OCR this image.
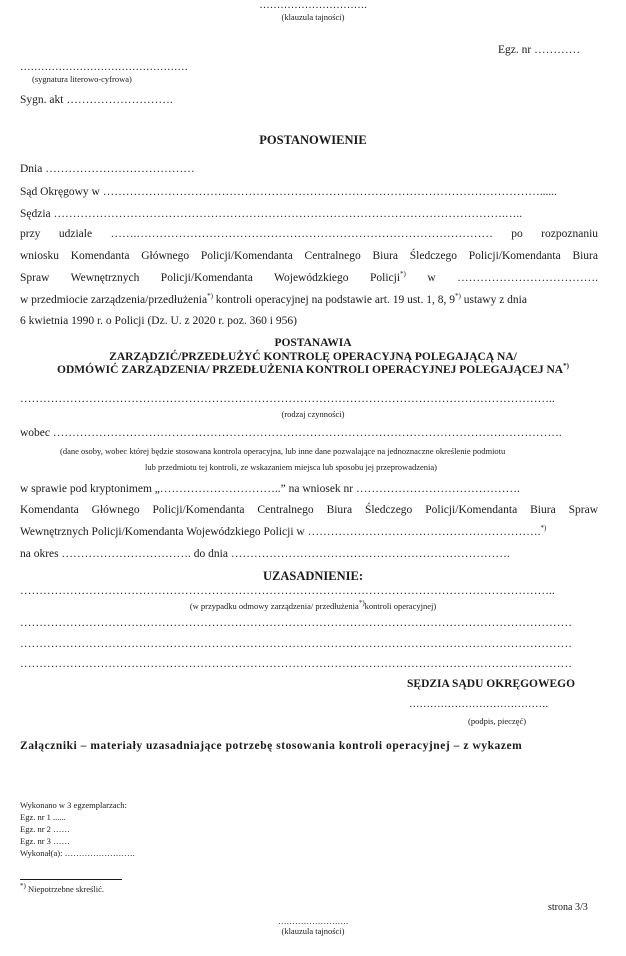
………………………….
(klauzula tajności)
Egz. nr …………
…………………………………………
(sygnatura literowo-cyfrowa)
Sygn. akt ……………………….
POSTANOWIENIE
Dnia …………………………………
Sąd Okręgowy w ……………………………………………………………………………………………………......
Sędzia ……………………………………………………………………………………………………….…..
przy udziale …….………………………………………………………………………………… po rozpoznaniu
wniosku Komendanta Głównego Policji/Komendanta Centralnego Biura Śledczego Policji/Komendanta Biura
Spraw Wewnętrznych Policji/Komendanta Wojewódzkiego Policji*) w ……………………………….
w przedmiocie zarządzenia/przedłużenia*) kontroli operacyjnej na podstawie art. 19 ust. 1, 8, 9*) ustawy z dnia
6 kwietnia 1990 r. o Policji (Dz. U. z 2020 r. poz. 360 i 956)
POSTANAWIA
ZARZĄDZIĆ/PRZEDŁUŻYĆ KONTROLĘ OPERACYJNĄ POLEGAJĄCĄ NA/
ODMÓWIĆ ZARZĄDZENIA/ PRZEDŁUŻENIA KONTROLI OPERACYJNEJ POLEGAJĄCEJ NA*)
…………………………………………………………………………………………………………………………..
(rodzaj czynności)
wobec …………………………………………………………………………………………………………………….
(dane osoby, wobec której będzie stosowana kontrola operacyjna, lub inne dane pozwalające na jednoznaczne określenie podmiotu
lub przedmiotu tej kontroli, ze wskazaniem miejsca lub sposobu jej przeprowadzenia)
w sprawie pod kryptonimem „…………………………..” na wniosek nr …………………………………….
Komendanta Głównego Policji/Komendanta Centralnego Biura Śledczego Policji/Komendanta Biura Spraw
Wewnętrznych Policji/Komendanta Wojewódzkiego Policji w …………………………………………………….*)
na okres ……………………………. do dnia ……………………………………………………………….
UZASADNIENIE:
…………………………………………………………………………………………………………………………..
(w przypadku odmowy zarządzenia/ przedłużenia*)kontroli operacyjnej)
………………………………………………………………………………………………………………………………
………………………………………………………………………………………………………………………………
………………………………………………………………………………………………………………………………
SĘDZIA SĄDU OKRĘGOWEGO
………………………………….
(podpis, pieczęć)
Załączniki – materiały uzasadniające potrzebę stosowania kontroli operacyjnej – z wykazem
Wykonano w 3 egzemplarzach:
Egz. nr 1 ......
Egz. nr 2 ……
Egz. nr 3 ……
Wykonał(a): …………………….
*) Niepotrzebne skreślić.
strona 3/3
…………………….
(klauzula tajności)
